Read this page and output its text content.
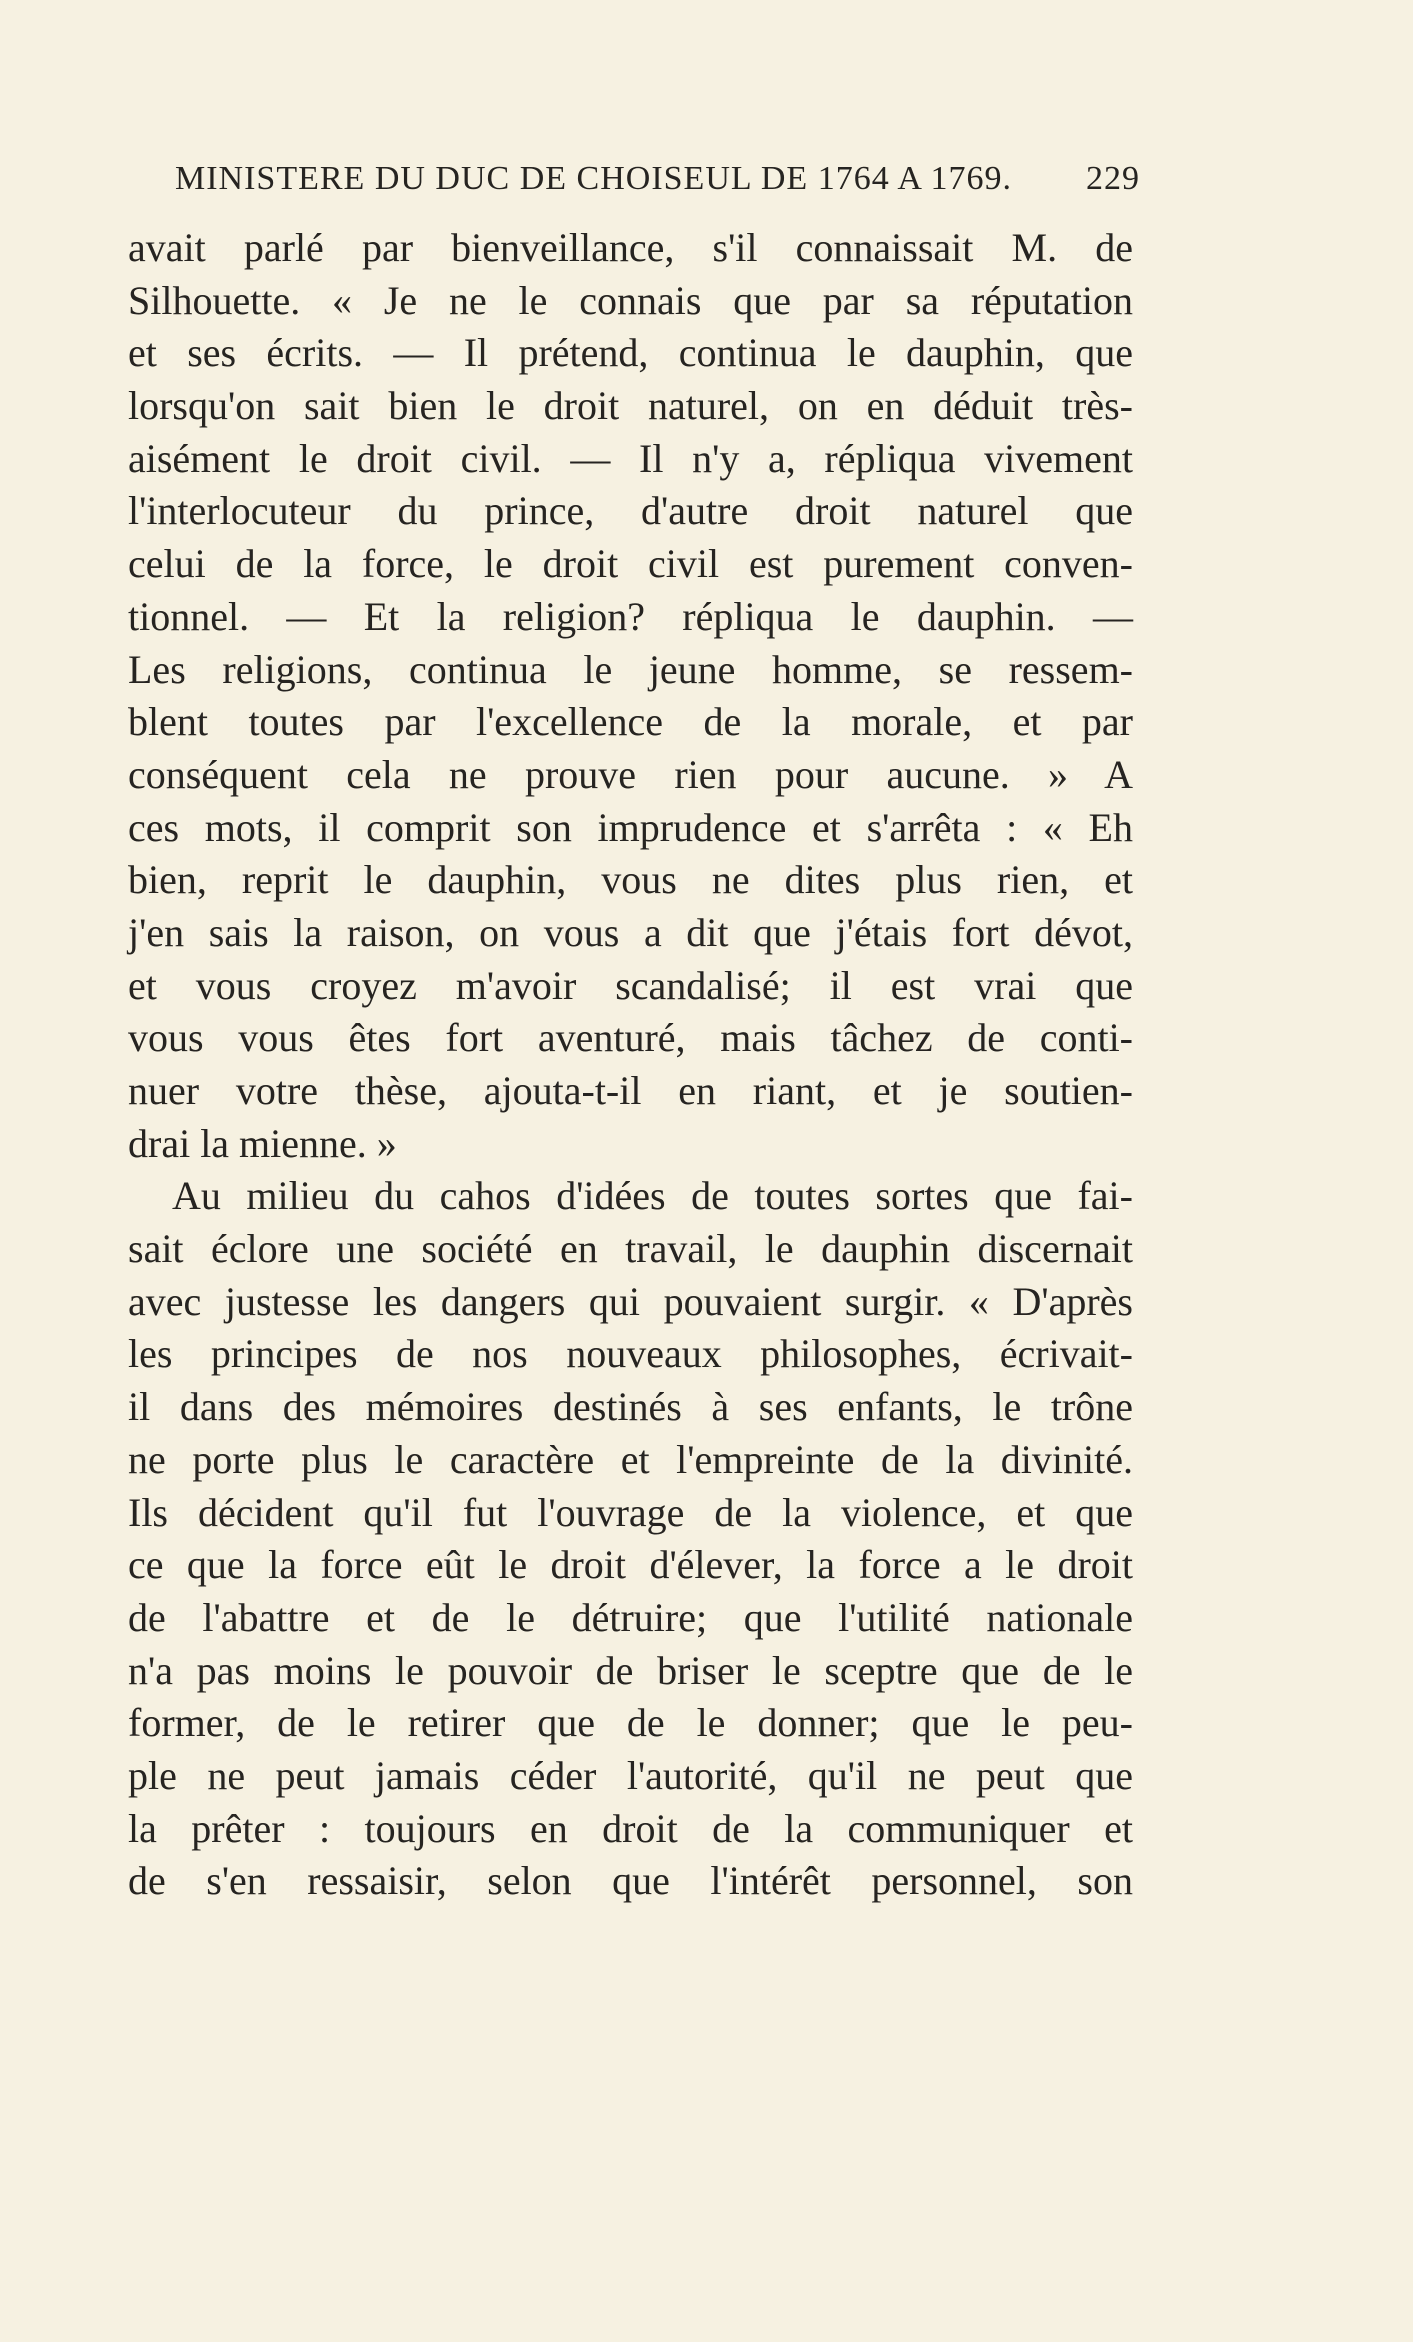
MINISTERE DU DUC DE CHOISEUL DE 1764 A 1769. 229
avait parlé par bienveillance, s'il connaissait M. de
Silhouette. « Je ne le connais que par sa réputation
et ses écrits. — Il prétend, continua le dauphin, que
lorsqu'on sait bien le droit naturel, on en déduit très-
aisément le droit civil. — Il n'y a, répliqua vivement
l'interlocuteur du prince, d'autre droit naturel que
celui de la force, le droit civil est purement conven-
tionnel. — Et la religion? répliqua le dauphin. —
Les religions, continua le jeune homme, se ressem-
blent toutes par l'excellence de la morale, et par
conséquent cela ne prouve rien pour aucune. » A
ces mots, il comprit son imprudence et s'arrêta : « Eh
bien, reprit le dauphin, vous ne dites plus rien, et
j'en sais la raison, on vous a dit que j'étais fort dévot,
et vous croyez m'avoir scandalisé; il est vrai que
vous vous êtes fort aventuré, mais tâchez de conti-
nuer votre thèse, ajouta-t-il en riant, et je soutien-
drai la mienne. »
Au milieu du cahos d'idées de toutes sortes que fai-
sait éclore une société en travail, le dauphin discernait
avec justesse les dangers qui pouvaient surgir. « D'après
les principes de nos nouveaux philosophes, écrivait-
il dans des mémoires destinés à ses enfants, le trône
ne porte plus le caractère et l'empreinte de la divinité.
Ils décident qu'il fut l'ouvrage de la violence, et que
ce que la force eût le droit d'élever, la force a le droit
de l'abattre et de le détruire; que l'utilité nationale
n'a pas moins le pouvoir de briser le sceptre que de le
former, de le retirer que de le donner; que le peu-
ple ne peut jamais céder l'autorité, qu'il ne peut que
la prêter : toujours en droit de la communiquer et
de s'en ressaisir, selon que l'intérêt personnel, son
